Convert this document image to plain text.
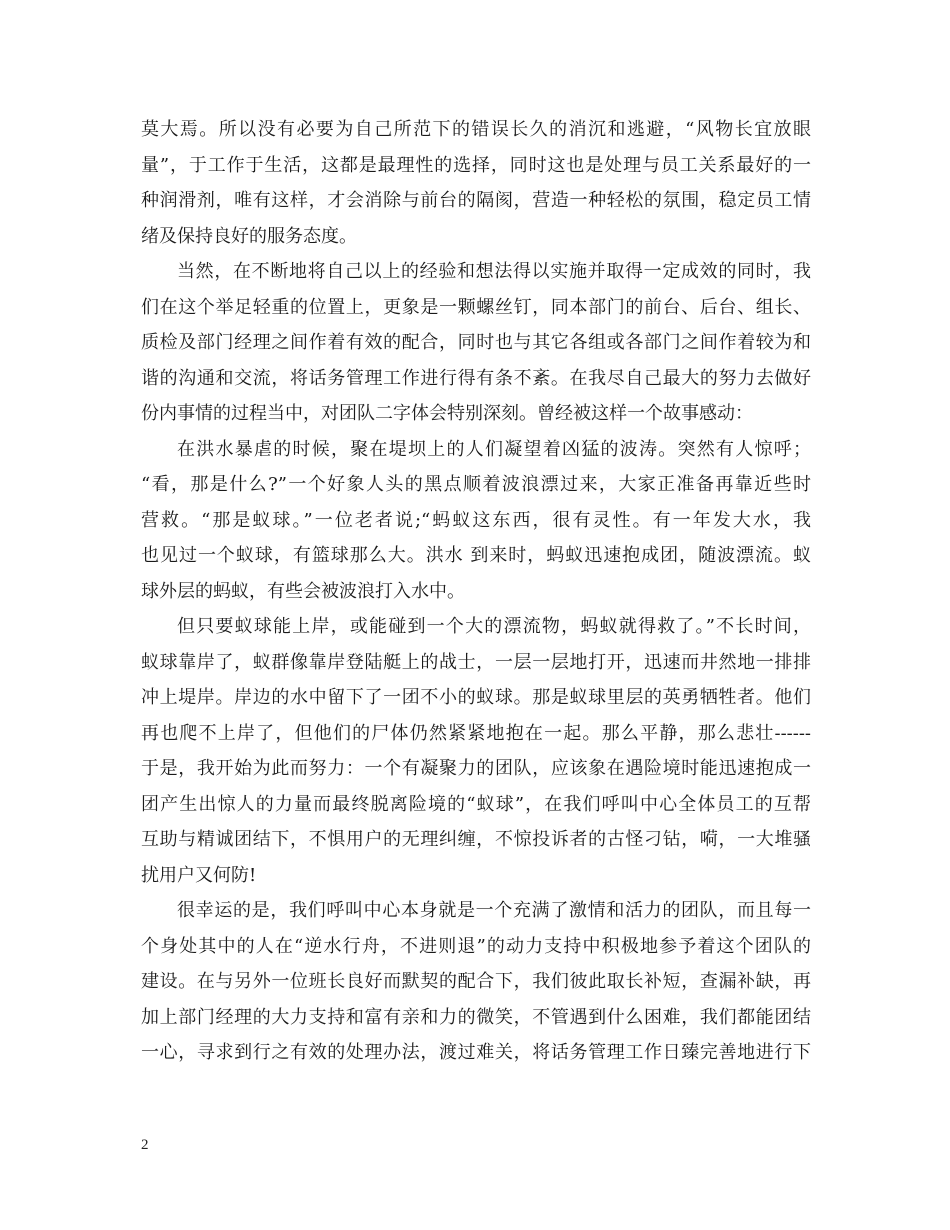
莫大焉。所以没有必要为自己所范下的错误长久的消沉和逃避，“风物长宜放眼
量”，于工作于生活，这都是最理性的选择，同时这也是处理与员工关系最好的一
种润滑剂，唯有这样，才会消除与前台的隔阂，营造一种轻松的氛围，稳定员工情
绪及保持良好的服务态度。
当然，在不断地将自己以上的经验和想法得以实施并取得一定成效的同时，我
们在这个举足轻重的位置上，更象是一颗螺丝钉，同本部门的前台、后台、组长、
质检及部门经理之间作着有效的配合，同时也与其它各组或各部门之间作着较为和
谐的沟通和交流，将话务管理工作进行得有条不紊。在我尽自己最大的努力去做好
份内事情的过程当中，对团队二字体会特别深刻。曾经被这样一个故事感动：
在洪水暴虐的时候，聚在堤坝上的人们凝望着凶猛的波涛。突然有人惊呼；
“看，那是什么?”一个好象人头的黑点顺着波浪漂过来，大家正准备再靠近些时
营救。“那是蚁球。”一位老者说;“蚂蚁这东西，很有灵性。有一年发大水，我
也见过一个蚁球，有篮球那么大。洪水 到来时，蚂蚁迅速抱成团，随波漂流。蚁
球外层的蚂蚁，有些会被波浪打入水中。
但只要蚁球能上岸，或能碰到一个大的漂流物，蚂蚁就得救了。”不长时间，
蚁球靠岸了，蚁群像靠岸登陆艇上的战士，一层一层地打开，迅速而井然地一排排
冲上堤岸。岸边的水中留下了一团不小的蚁球。那是蚁球里层的英勇牺牲者。他们
再也爬不上岸了，但他们的尸体仍然紧紧地抱在一起。那么平静，那么悲壮------
于是，我开始为此而努力：一个有凝聚力的团队，应该象在遇险境时能迅速抱成一
团产生出惊人的力量而最终脱离险境的“蚁球”，在我们呼叫中心全体员工的互帮
互助与精诚团结下，不惧用户的无理纠缠，不惊投诉者的古怪刁钻，嗬，一大堆骚
扰用户又何防!
很幸运的是，我们呼叫中心本身就是一个充满了激情和活力的团队，而且每一
个身处其中的人在“逆水行舟，不进则退”的动力支持中积极地参予着这个团队的
建设。在与另外一位班长良好而默契的配合下，我们彼此取长补短，查漏补缺，再
加上部门经理的大力支持和富有亲和力的微笑，不管遇到什么困难，我们都能团结
一心，寻求到行之有效的处理办法，渡过难关，将话务管理工作日臻完善地进行下
2
